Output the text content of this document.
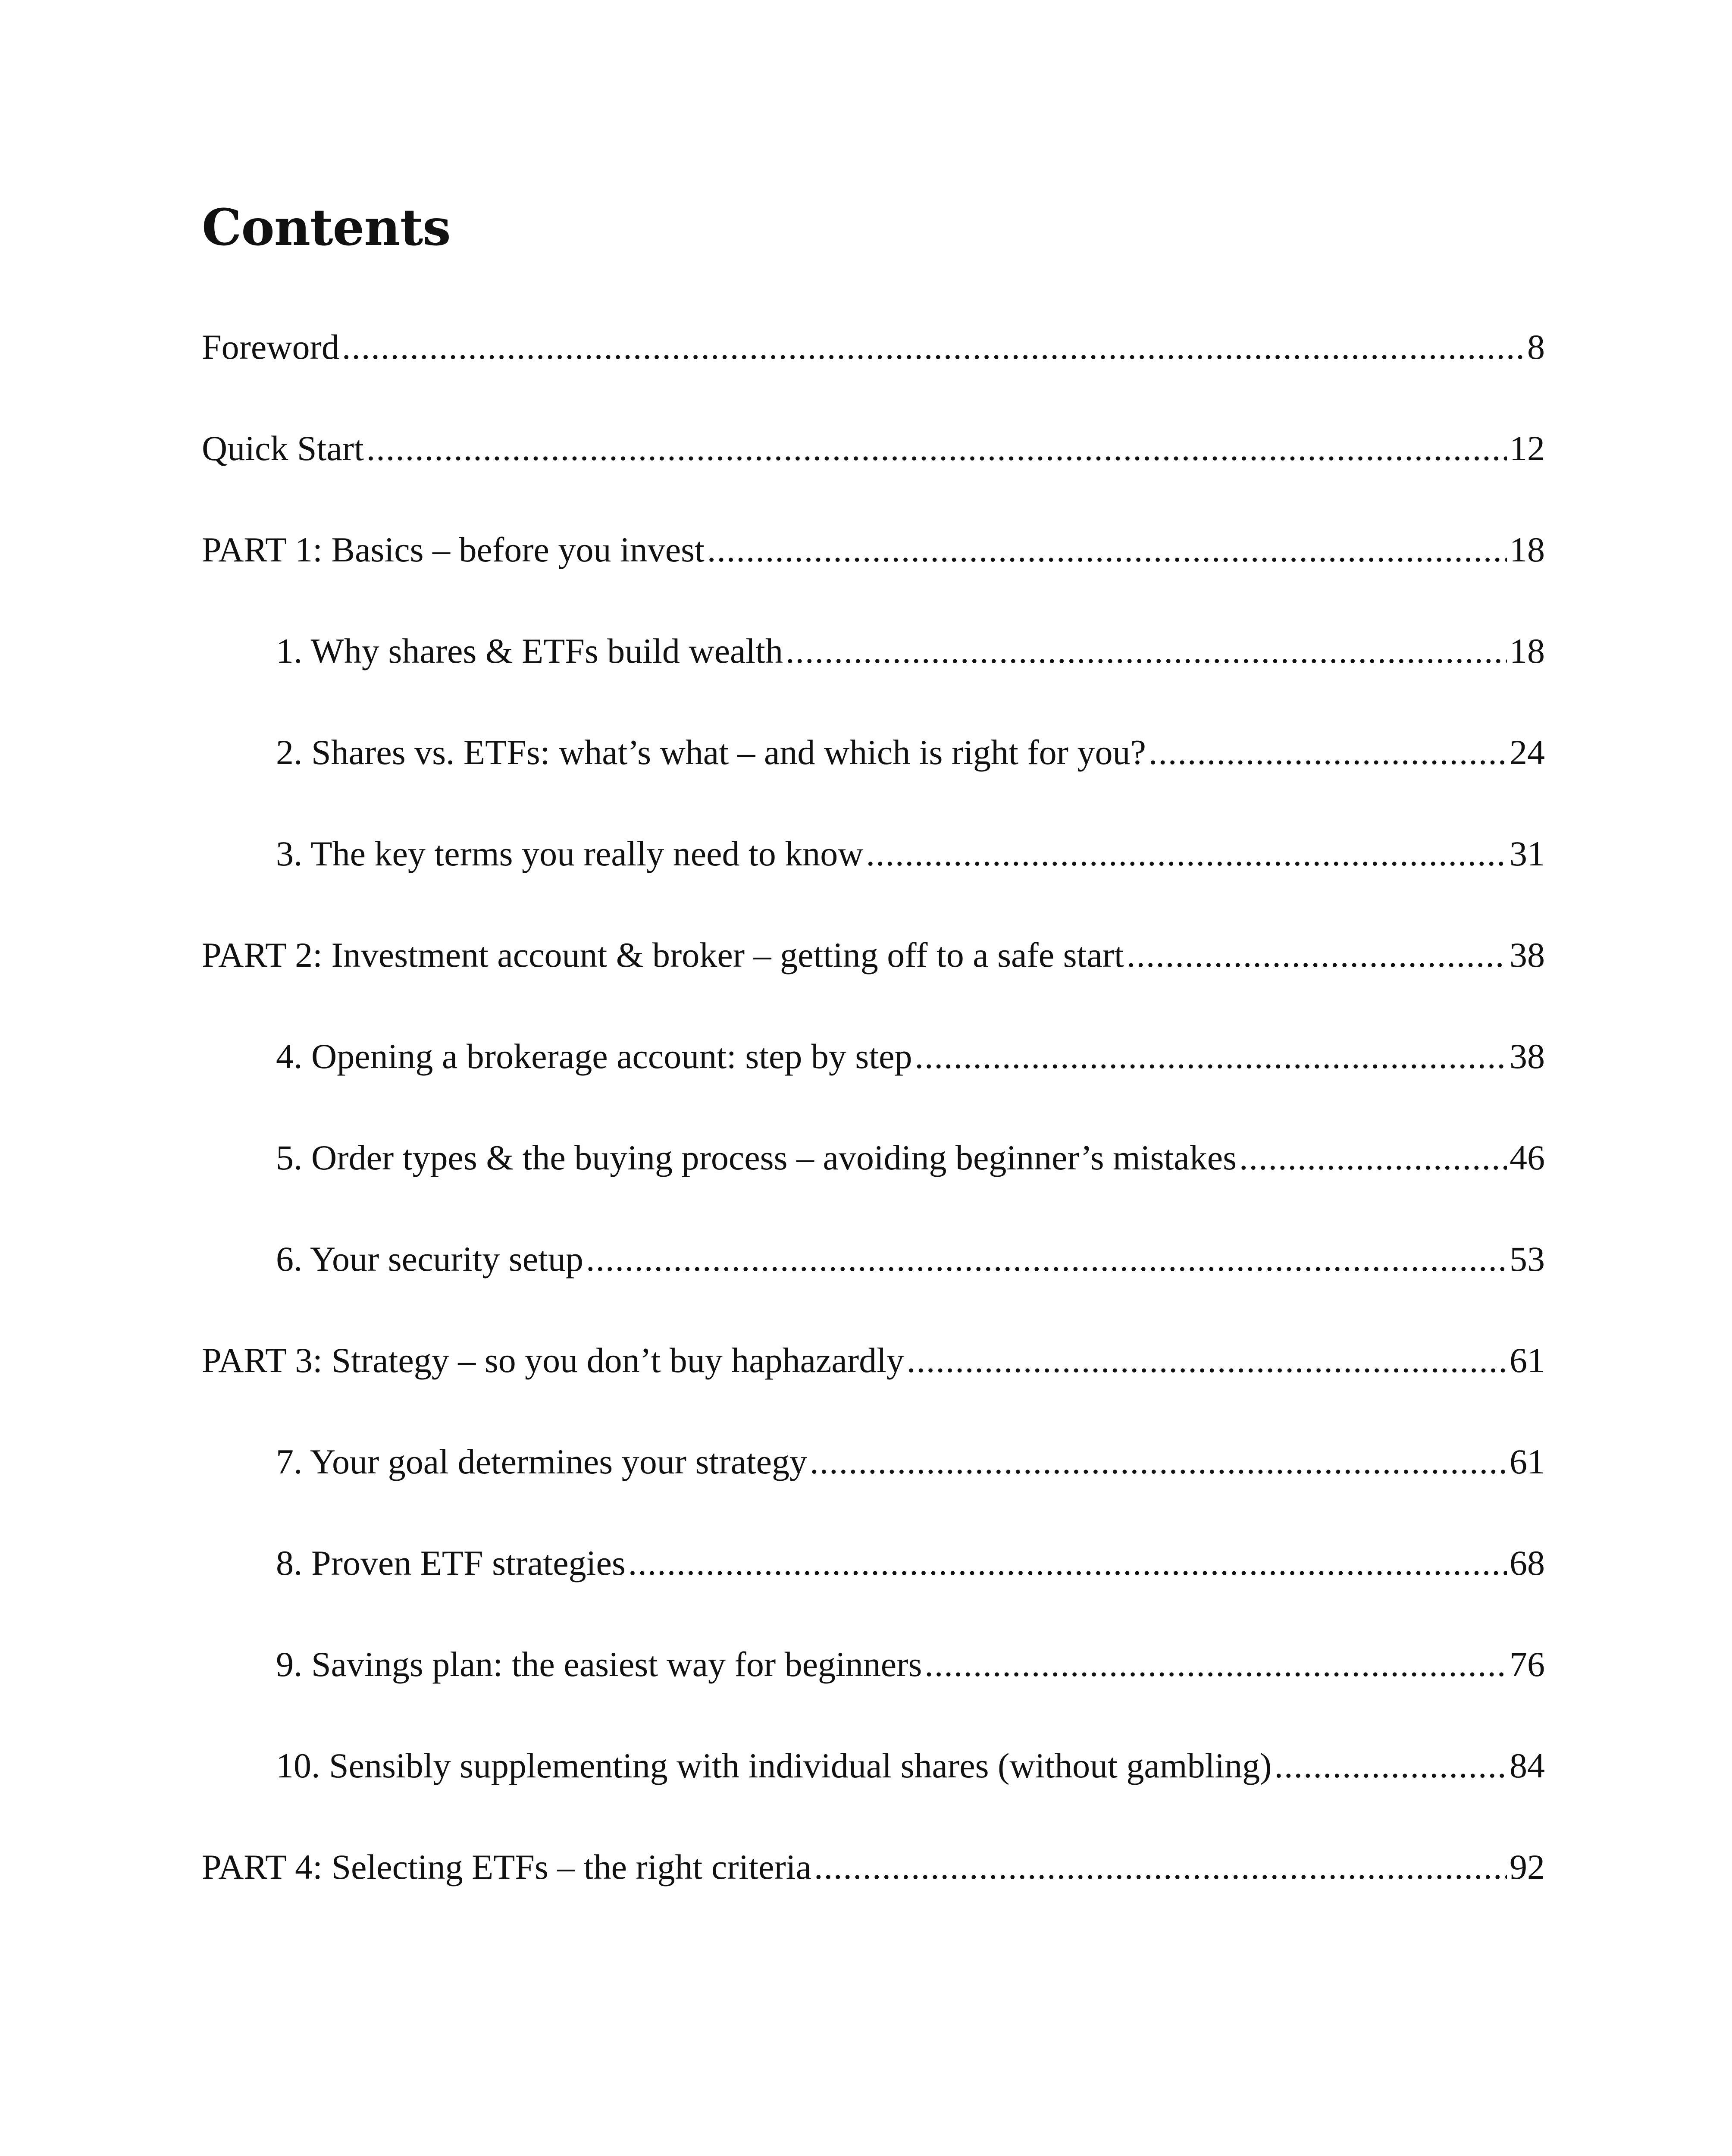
Contents
Foreword .....	8
Quick Start .....	12
PART 1: Basics – before you invest .....	18
1. Why shares & ETFs build wealth .....	18
2. Shares vs. ETFs: what’s what – and which is right for you? .....	24
3. The key terms you really need to know .....	31
PART 2: Investment account & broker – getting off to a safe start .....	38
4. Opening a brokerage account: step by step .....	38
5. Order types & the buying process – avoiding beginner’s mistakes .....	46
6. Your security setup .....	53
PART 3: Strategy – so you don’t buy haphazardly .....	61
7. Your goal determines your strategy .....	61
8. Proven ETF strategies .....	68
9. Savings plan: the easiest way for beginners .....	76
10. Sensibly supplementing with individual shares (without gambling) .....	84
PART 4: Selecting ETFs – the right criteria .....	92
